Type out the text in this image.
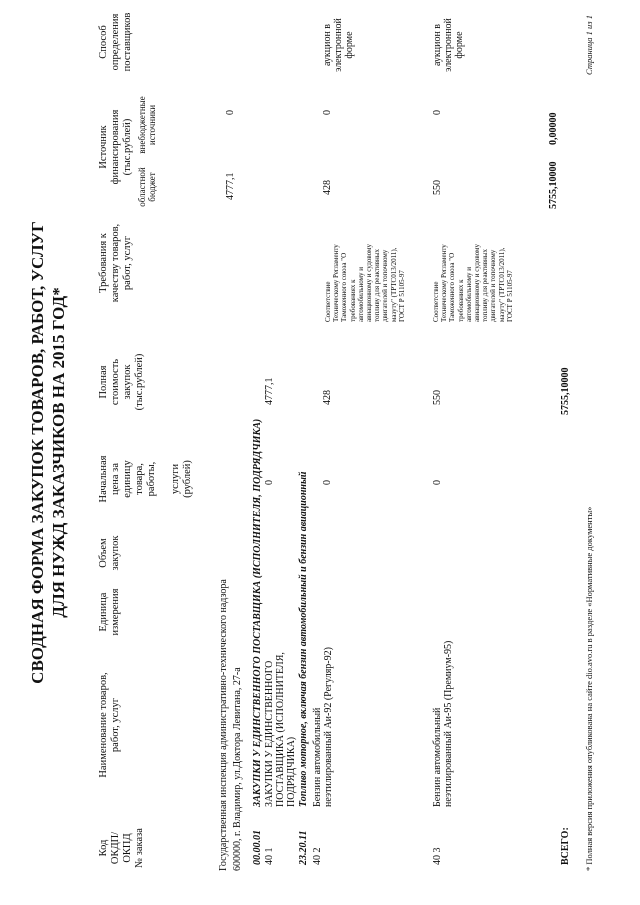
СВОДНАЯ ФОРМА ЗАКУПОК ТОВАРОВ, РАБОТ, УСЛУГ ДЛЯ НУЖД ЗАКАЗЧИКОВ НА 2015 ГОД*
Код ОКДП/ ОКПД № заказа
Наименование товаров, работ, услуг
Единица измерения
Объем закупок
Начальная цена за единицу товара, работы,
услуги (рублей)
Полная стоимость закупок (тыс.рублей)
Требования к качеству товаров, работ, услуг
Источник финансирования (тыс.рублей)
областной бюджет
внебюджетные источники
Способ определения поставщиков
Государственная инспекция административно-технического надзора 600000, г. Владимир, ул.Доктора Левитана, 27-а 00.00.01
ЗАКУПКИ У ЕДИНСТВЕННОГО ПОСТАВЩИКА (ИСПОЛНИТЕЛЯ, ПОДРЯДЧИКА)
40 1
ЗАКУПКИ У ЕДИНСТВЕННОГО ПОСТАВЩИКА (ИСПОЛНИТЕЛЯ, ПОДРЯДЧИКА)
0
4777,1
4777,1
0
23.20.11
Топливо моторное, включая бензин автомобильный и бензин авиационный
40 2
Бензин автомобильный неэтилированный Аи-92 (Регуляр-92)
0
428
Соответствие Техническому Регламенту Таможенного союза "О требованиях к автомобильному и авиационному и судовому топливу для реактивных двигателей и топочному мазуту" (ТРТС013/2011), ГОСТ Р 51105-97
428
0
аукцион в электронной форме
40 3
Бензин автомобильный неэтилированный Аи-95 (Премиум-95)
0
550
Соответствие Техническому Регламенту Таможенного союза "О требованиях к автомобильному и авиационному и судовому топливу для реактивных двигателей и топочному мазуту" (ТРТС013/2011), ГОСТ Р 51105-97
550
0
аукцион в электронной форме
ВСЕГО:
5755,10000
5755,10000
0,00000
* Полная версия приложения опубликована на сайте dio.avo.ru в разделе «Нормативные документы»
Страница 1 из 1
